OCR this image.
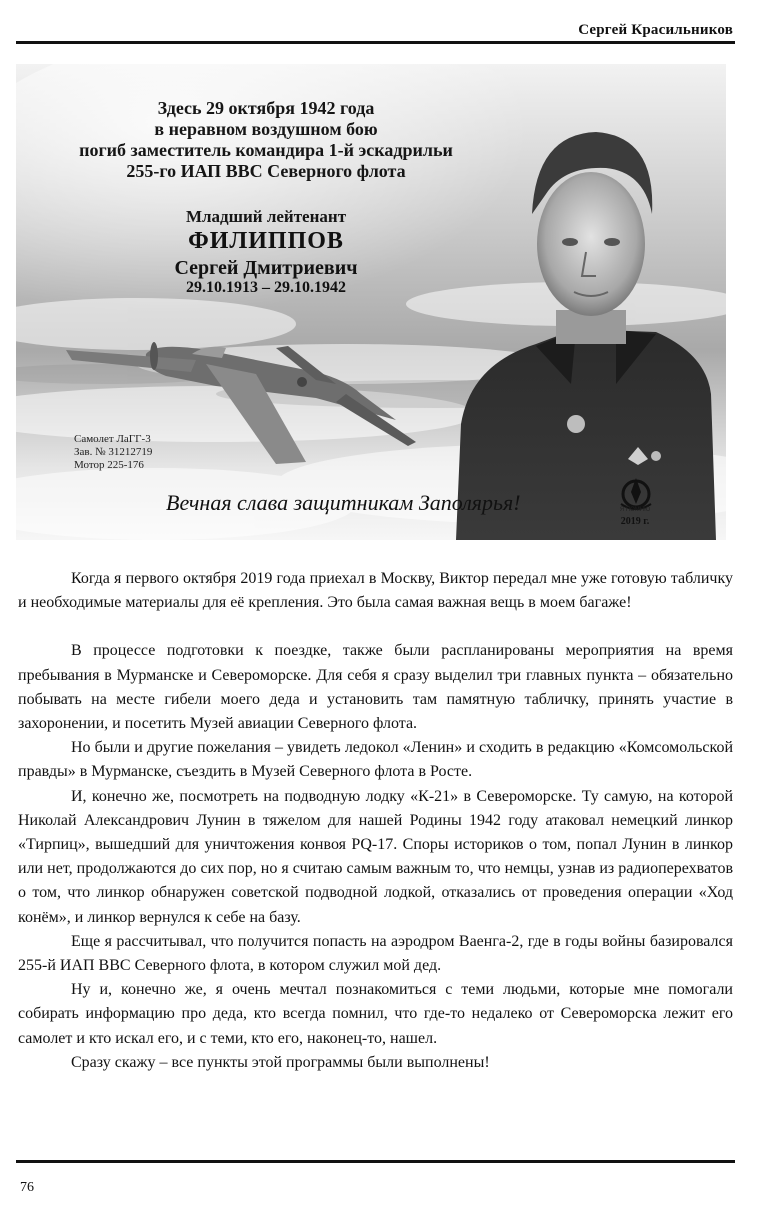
Сергей Красильников
Здесь 29 октября 1942 года
в неравном воздушном бою
погиб заместитель командира 1-й эскадрильи
255-го ИАП ВВС Северного флота
Младший лейтенант
ФИЛИППОВ
Сергей Дмитриевич
29.10.1913 – 29.10.1942
Самолет ЛаГГ-3
Зав. № 31212719
Мотор 225-176
Вечная слава защитникам Заполярья!	Я ПОМНЮ
2019 г.

Когда я первого октября 2019 года приехал в Москву, Виктор передал мне уже готовую табличку и необходимые материалы для её крепления. Это была самая важная вещь в моем багаже!

В процессе подготовки к поездке, также были распланированы мероприятия на время пребывания в Мурманске и Североморске. Для себя я сразу выделил три главных пункта – обязательно побывать на месте гибели моего деда и установить там памятную табличку, принять участие в захоронении, и посетить Музей авиации Северного флота.

Но были и другие пожелания – увидеть ледокол «Ленин» и сходить в редакцию «Комсомольской правды» в Мурманске, съездить в Музей Северного флота в Росте.

И, конечно же, посмотреть на подводную лодку «К-21» в Североморске. Ту самую, на которой Николай Александрович Лунин в тяжелом для нашей Родины 1942 году атаковал немецкий линкор «Тирпиц», вышедший для уничтожения конвоя PQ-17. Споры историков о том, попал Лунин в линкор или нет, продолжаются до сих пор, но я считаю самым важным то, что немцы, узнав из радиоперехватов о том, что линкор обнаружен советской подводной лодкой, отказались от проведения операции «Ход конём», и линкор вернулся к себе на базу.

Еще я рассчитывал, что получится попасть на аэродром Ваенга-2, где в годы войны базировался 255-й ИАП ВВС Северного флота, в котором служил мой дед.

Ну и, конечно же, я очень мечтал познакомиться с теми людьми, которые мне помогали собирать информацию про деда, кто всегда помнил, что где-то недалеко от Североморска лежит его самолет и кто искал его, и с теми, кто его, наконец-то, нашел.

Сразу скажу – все пункты этой программы были выполнены!

76
